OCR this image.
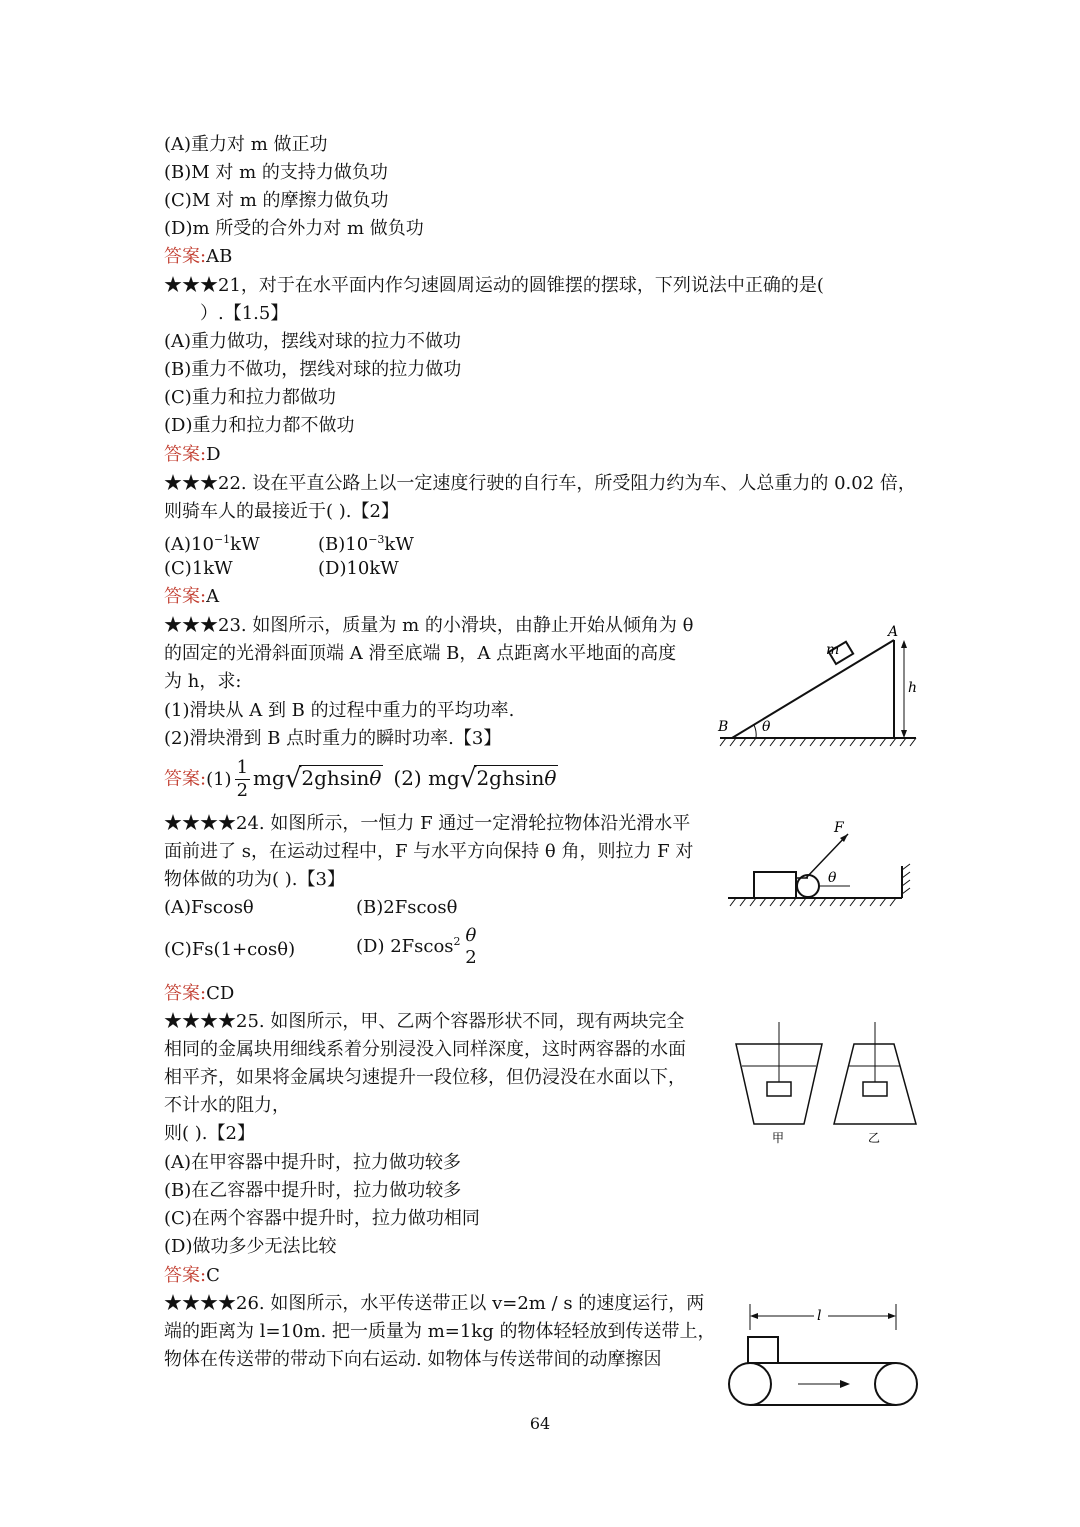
(A)重力对 m 做正功
(B)M 对 m 的支持力做负功
(C)M 对 m 的摩擦力做负功
(D)m 所受的合外力对 m 做负功
答案:AB
★★★21，对于在水平面内作匀速圆周运动的圆锥摆的摆球，下列说法中正确的是(
）.【1.5】
(A)重力做功，摆线对球的拉力不做功
(B)重力不做功，摆线对球的拉力做功
(C)重力和拉力都做功
(D)重力和拉力都不做功
答案:D
★★★22. 设在平直公路上以一定速度行驶的自行车，所受阻力约为车、人总重力的 0.02 倍，
则骑车人的最接近于( ).【2】
$(A)10^{-1}kW$	$(B)10^{-3}kW$
(C)1kW	(D)10kW
答案:A
★★★23. 如图所示，质量为 m 的小滑块，由静止开始从倾角为 θ
的固定的光滑斜面顶端 A 滑至底端 B，A 点距离水平地面的高度
为 h，求:
(1)滑块从 A 到 B 的过程中重力的平均功率.
(2)滑块滑到 B 点时重力的瞬时功率.【3】
答案:(1) $\frac{1}{2} mg√2ghsin\theta$ (2) mg√2ghsinθ
A
B
m
h
θ
★★★★24. 如图所示，一恒力 F 通过一定滑轮拉物体沿光滑水平
面前进了 s，在运动过程中，F 与水平方向保持 θ 角，则拉力 F 对
物体做的功为( ).【3】
(A)Fscosθ	(B)2Fscosθ
(C)Fs(1+cosθ)	(D) 2Fscos$^2$ θ
2
答案:CD
F
θ
★★★★25. 如图所示，甲、乙两个容器形状不同，现有两块完全
相同的金属块用细线系着分别浸没入同样深度，这时两容器的水面
相平齐，如果将金属块匀速提升一段位移，但仍浸没在水面以下，
不计水的阻力，
则( ).【2】
(A)在甲容器中提升时，拉力做功较多
(B)在乙容器中提升时，拉力做功较多
(C)在两个容器中提升时，拉力做功相同
(D)做功多少无法比较
答案:C
甲	乙
★★★★26. 如图所示，水平传送带正以 v=2m / s 的速度运行，两
端的距离为 l=10m. 把一质量为 m=1kg 的物体轻轻放到传送带上，
物体在传送带的带动下向右运动. 如物体与传送带间的动摩擦因
l
64
